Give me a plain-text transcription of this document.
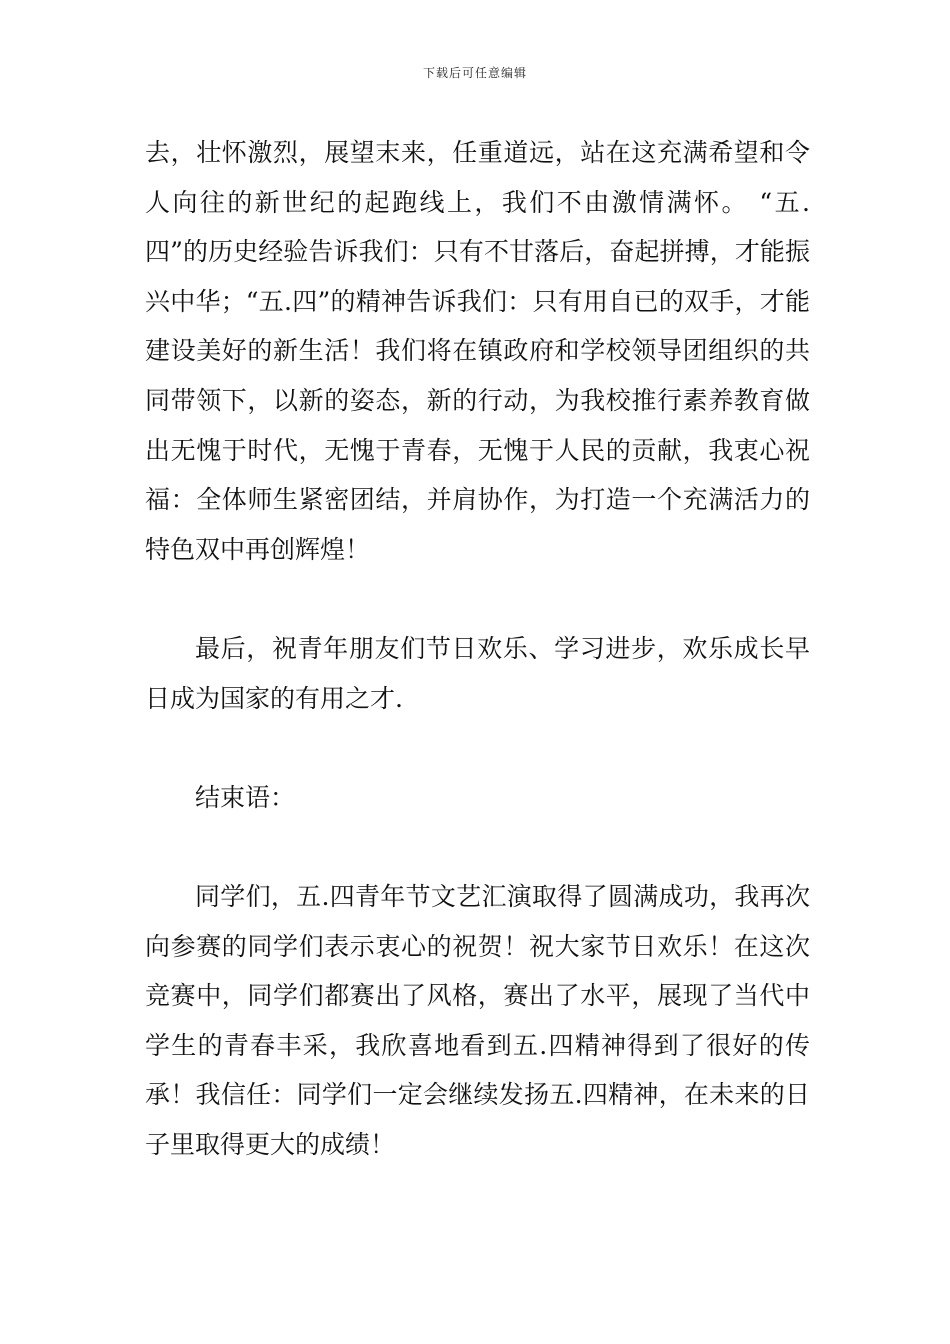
下载后可任意编辑

去，壮怀激烈，展望末来，任重道远，站在这充满希望和令人向往的新世纪的起跑线上，我们不由激情满怀。 “五.四”的历史经验告诉我们：只有不甘落后，奋起拼搏，才能振兴中华；“五.四”的精神告诉我们：只有用自已的双手，才能建设美好的新生活！我们将在镇政府和学校领导团组织的共同带领下，以新的姿态，新的行动，为我校推行素养教育做出无愧于时代，无愧于青春，无愧于人民的贡献，我衷心祝福：全体师生紧密团结，并肩协作，为打造一个充满活力的特色双中再创辉煌！

最后，祝青年朋友们节日欢乐、学习进步，欢乐成长早日成为国家的有用之才.

结束语：

同学们，五.四青年节文艺汇演取得了圆满成功，我再次向参赛的同学们表示衷心的祝贺！祝大家节日欢乐！在这次竞赛中，同学们都赛出了风格，赛出了水平，展现了当代中学生的青春丰采，我欣喜地看到五.四精神得到了很好的传承！我信任：同学们一定会继续发扬五.四精神，在未来的日子里取得更大的成绩！
